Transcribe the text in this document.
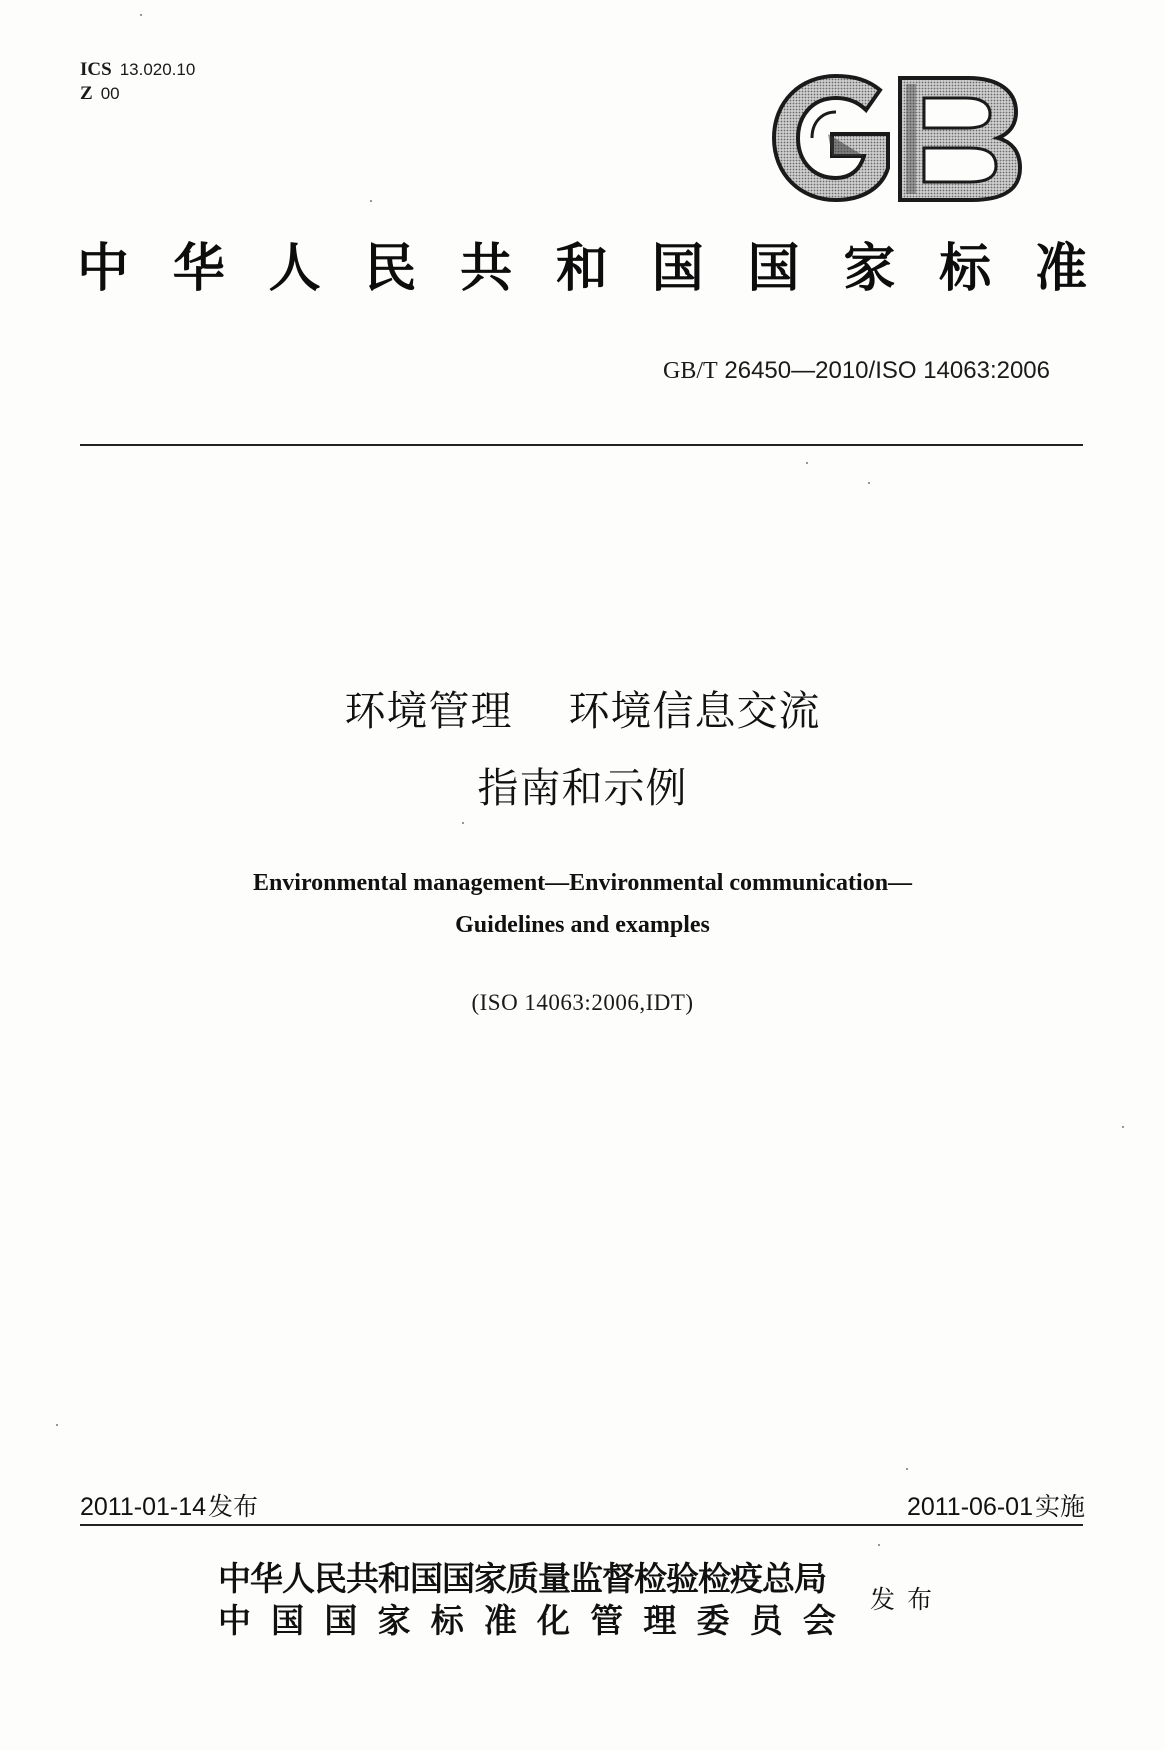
ICS 13.020.10
Z 00
中 华 人 民 共 和 国 国 家 标 准
GB/T 26450—2010/ISO 14063:2006
环境管理 环境信息交流
指南和示例
Environmental management—Environmental communication—
Guidelines and examples
(ISO 14063:2006,IDT)
2011-01-14发布	2011-06-01实施
中华人民共和国国家质量监督检验检疫总局
中 国 国 家 标 准 化 管 理 委 员 会
发布
